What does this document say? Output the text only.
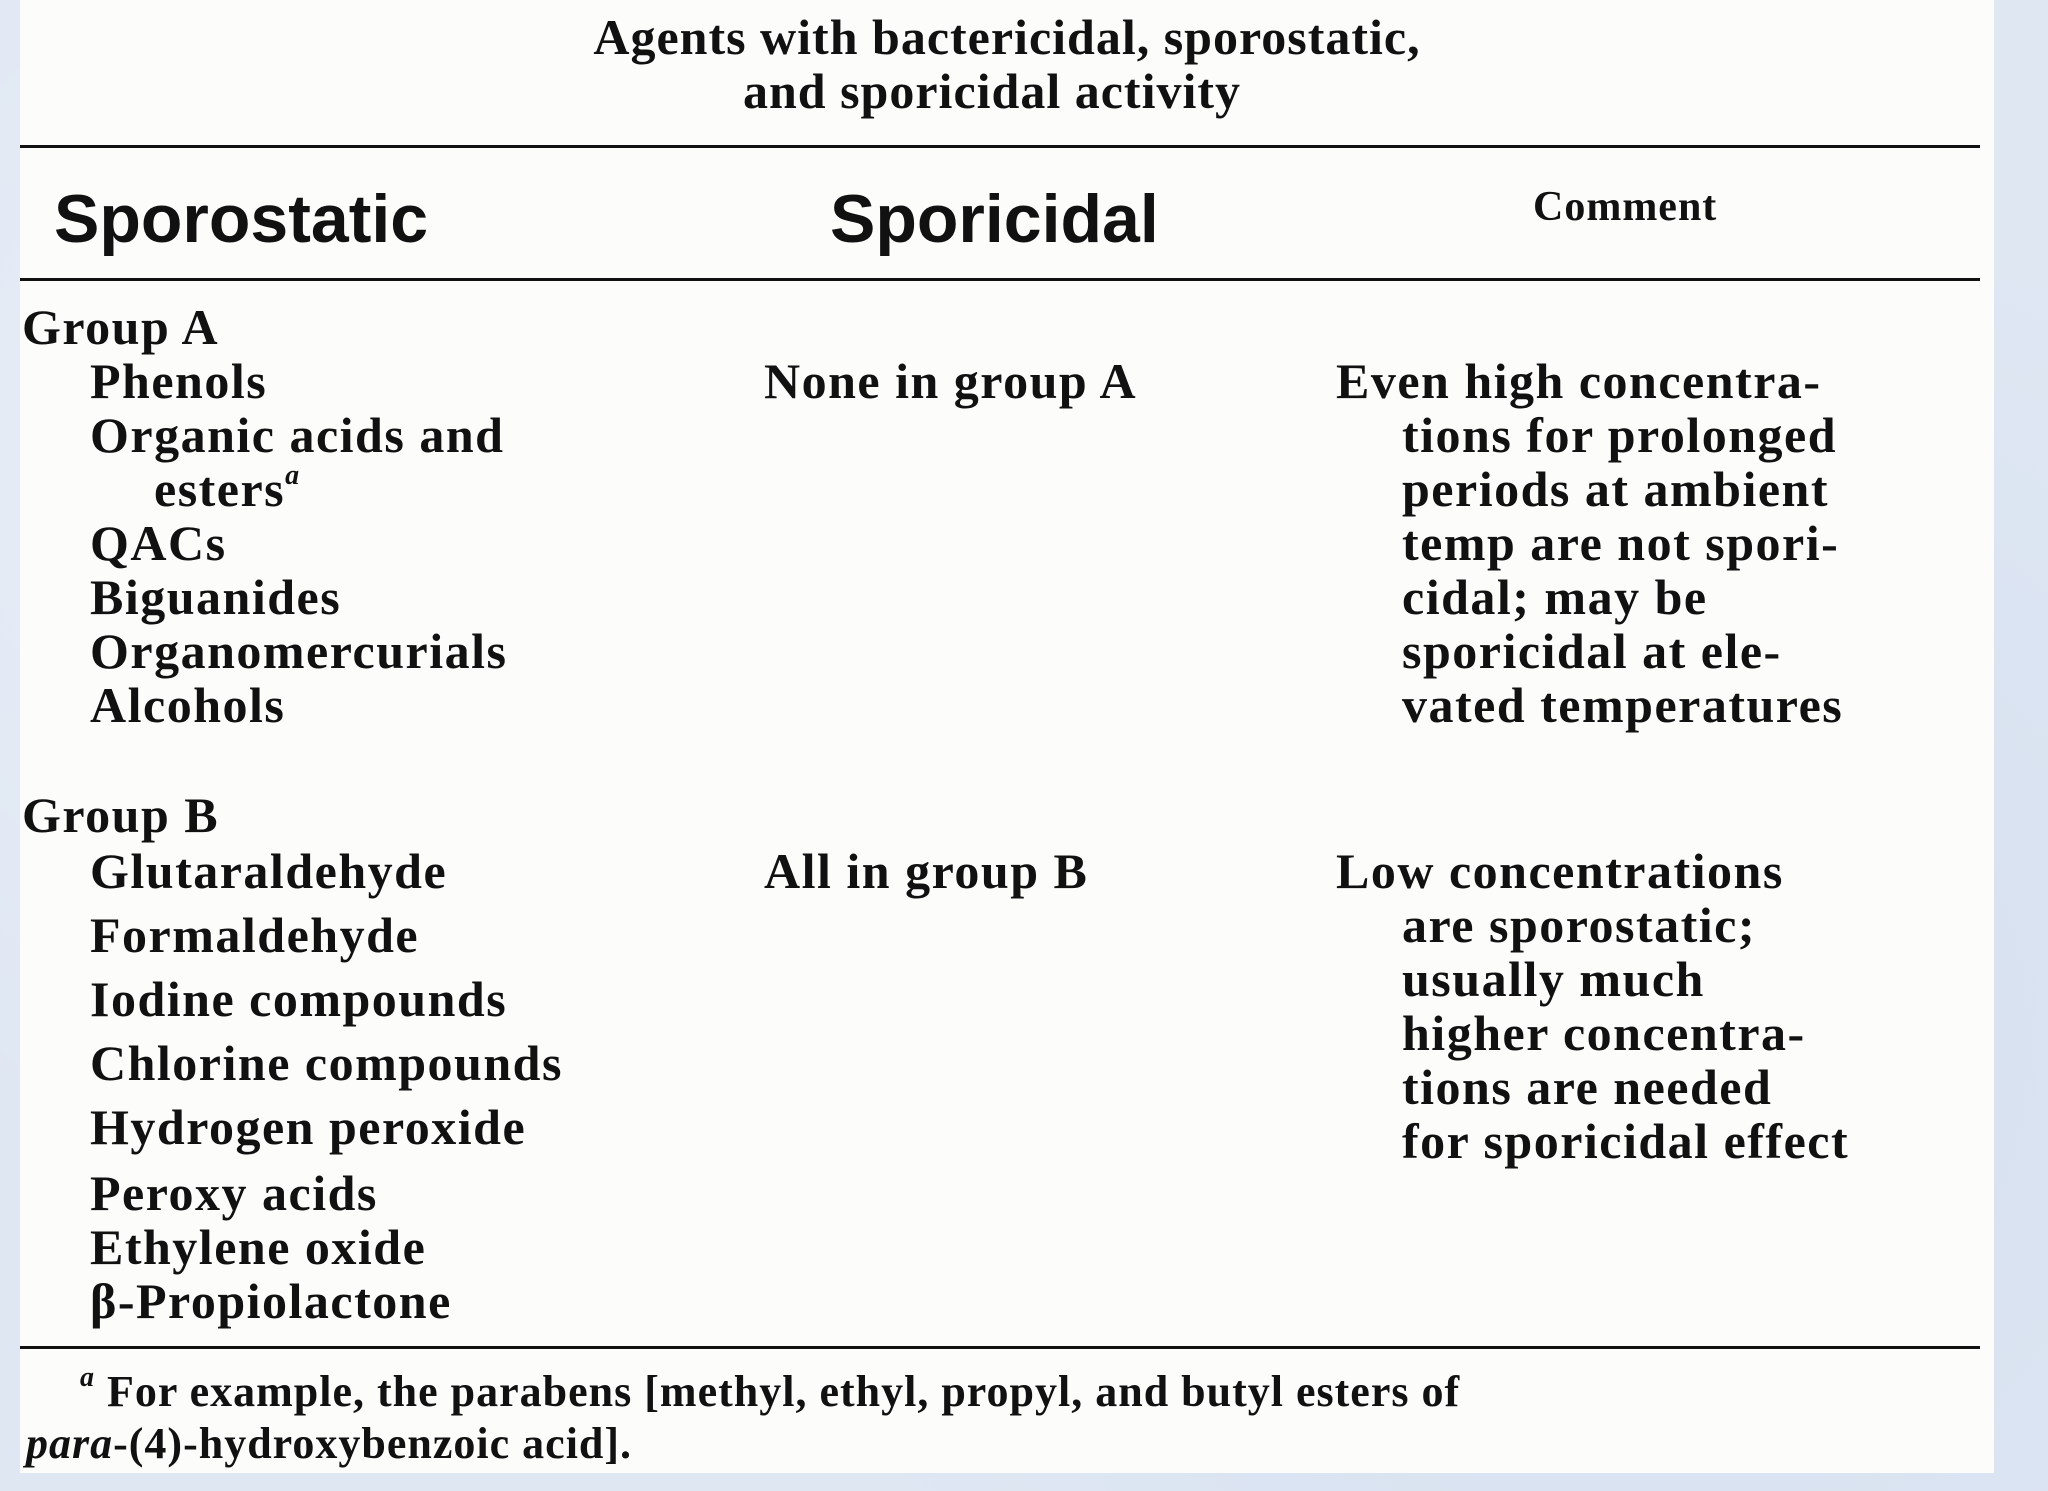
Agents with bactericidal, sporostatic,
and sporicidal activity
Sporostatic	Sporicidal	Comment
Group A
Phenols
Organic acids and
esters$^a$
QACs
Biguanides
Organomercurials
Alcohols
None in group A	Even high concentra-
tions for prolonged
periods at ambient
temp are not spori-
cidal; may be
sporicidal at ele-
vated temperatures
Group B
Glutaraldehyde
Formaldehyde
Iodine compounds
Chlorine compounds
Hydrogen peroxide
Peroxy acids
Ethylene oxide
β-Propiolactone
All in group B	Low concentrations
are sporostatic;
usually much
higher concentra-
tions are needed
for sporicidal effect
$^a$ For example, the parabens [methyl, ethyl, propyl, and butyl esters of
para-(4)-hydroxybenzoic acid].
